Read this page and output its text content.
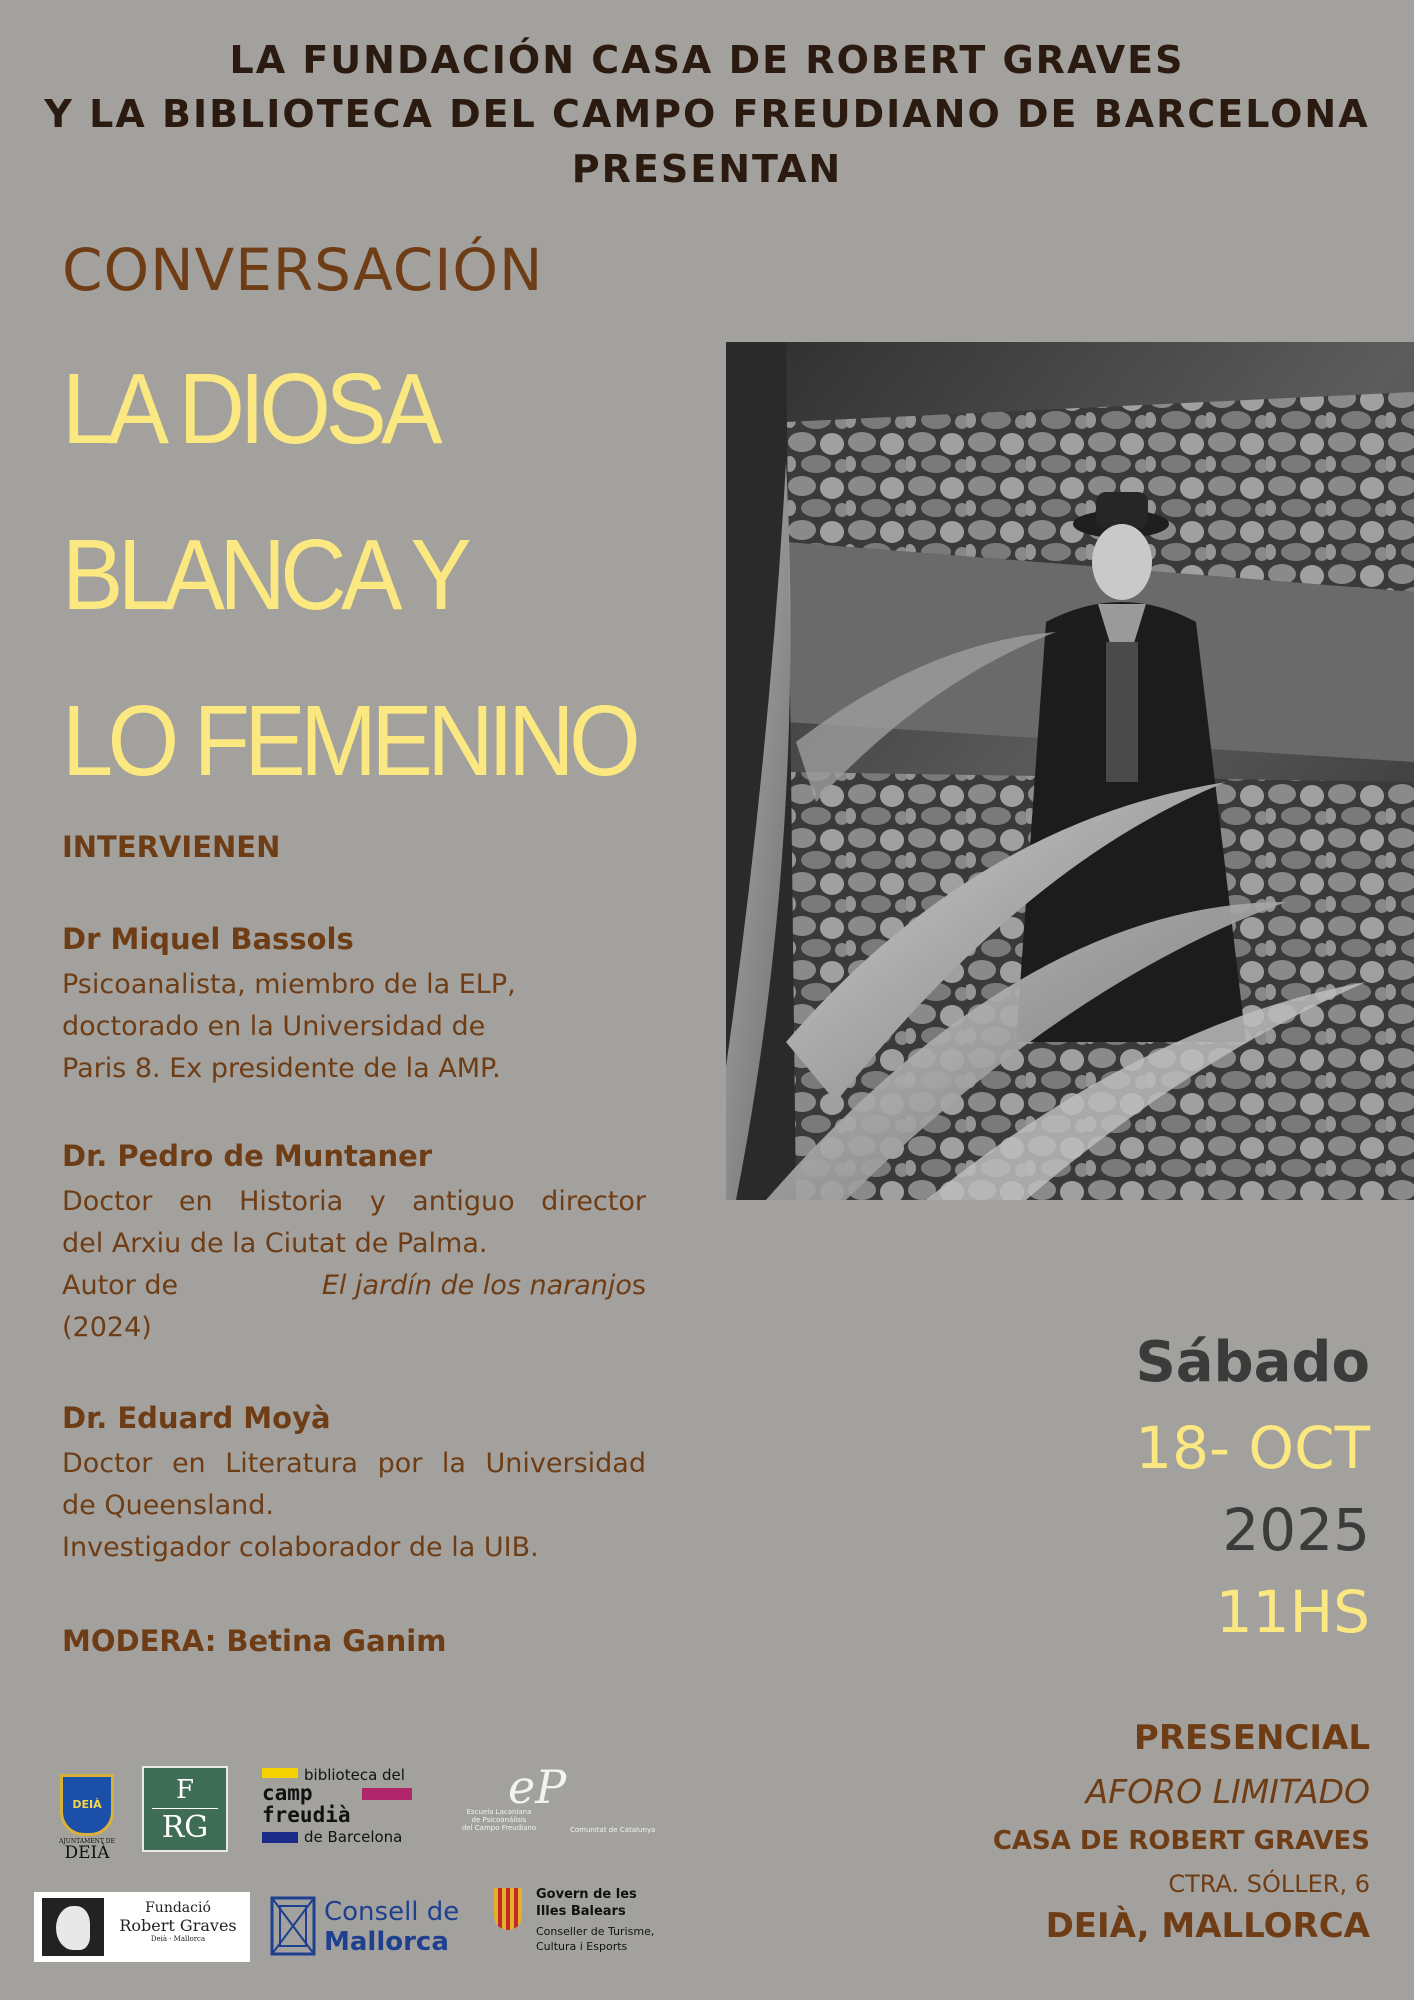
LA FUNDACIÓN CASA DE ROBERT GRAVES
Y LA BIBLIOTECA DEL CAMPO FREUDIANO DE BARCELONA
PRESENTAN
CONVERSACIÓN
LA DIOSA
BLANCA Y
LO FEMENINO
INTERVIENEN
Dr Miquel Bassols
Psicoanalista, miembro de la ELP,
doctorado en la Universidad de
Paris 8. Ex presidente de la AMP.
Dr. Pedro de Muntaner
Doctor en Historia y antiguo director
del Arxiu de la Ciutat de Palma.
Autor de	El jardín de los naranjos
(2024)
Dr. Eduard Moyà
Doctor en Literatura por la Universidad
de Queensland.
Investigador colaborador de la UIB.
MODERA: Betina Ganim
Sábado
18- OCT
2025
11HS
PRESENCIAL
AFORO LIMITADO
CASA DE ROBERT GRAVES
CTRA. SÓLLER, 6
DEIÀ, MALLORCA
DEIÀ
AJUNTAMENT DE
DEIÀ
F
RG
biblioteca del
camp
freudià
de Barcelona
eP
Escuela Lacaniana
de Psicoanálisis
del Campo Freudiano	Comunitat de Catalunya
Fundació
Robert Graves
Deià · Mallorca
Consell de
Mallorca
Govern de les
Illes Balears
Conseller de Turisme,
Cultura i Esports
